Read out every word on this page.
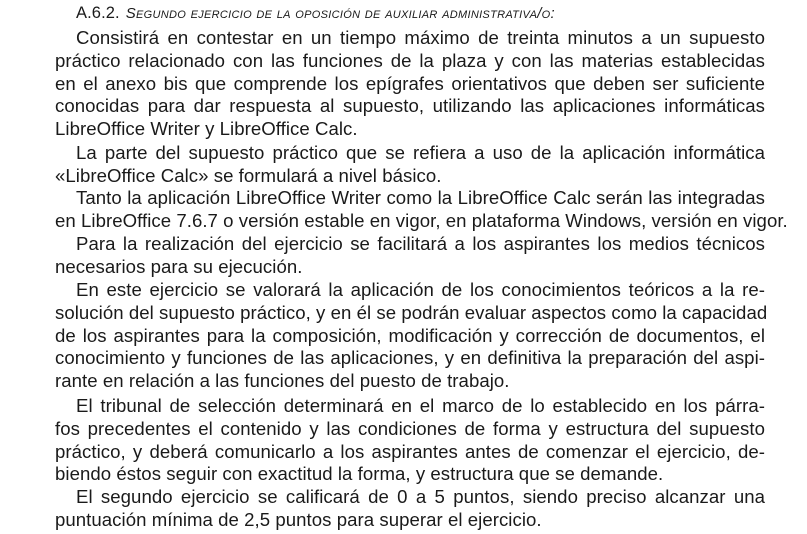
A.6.2. Segundo ejercicio de la oposición de auxiliar administrativa/o:
Consistirá en contestar en un tiempo máximo de treinta minutos a un supuesto
práctico relacionado con las funciones de la plaza y con las materias establecidas
en el anexo bis que comprende los epígrafes orientativos que deben ser suficiente
conocidas para dar respuesta al supuesto, utilizando las aplicaciones informáticas
LibreOffice Writer y LibreOffice Calc.
La parte del supuesto práctico que se refiera a uso de la aplicación informática
«LibreOffice Calc» se formulará a nivel básico.
Tanto la aplicación LibreOffice Writer como la LibreOffice Calc serán las integradas
en LibreOffice 7.6.7 o versión estable en vigor, en plataforma Windows, versión en vigor.
Para la realización del ejercicio se facilitará a los aspirantes los medios técnicos
necesarios para su ejecución.
En este ejercicio se valorará la aplicación de los conocimientos teóricos a la re-
solución del supuesto práctico, y en él se podrán evaluar aspectos como la capacidad
de los aspirantes para la composición, modificación y corrección de documentos, el
conocimiento y funciones de las aplicaciones, y en definitiva la preparación del aspi-
rante en relación a las funciones del puesto de trabajo.
El tribunal de selección determinará en el marco de lo establecido en los párra-
fos precedentes el contenido y las condiciones de forma y estructura del supuesto
práctico, y deberá comunicarlo a los aspirantes antes de comenzar el ejercicio, de-
biendo éstos seguir con exactitud la forma, y estructura que se demande.
El segundo ejercicio se calificará de 0 a 5 puntos, siendo preciso alcanzar una
puntuación mínima de 2,5 puntos para superar el ejercicio.
